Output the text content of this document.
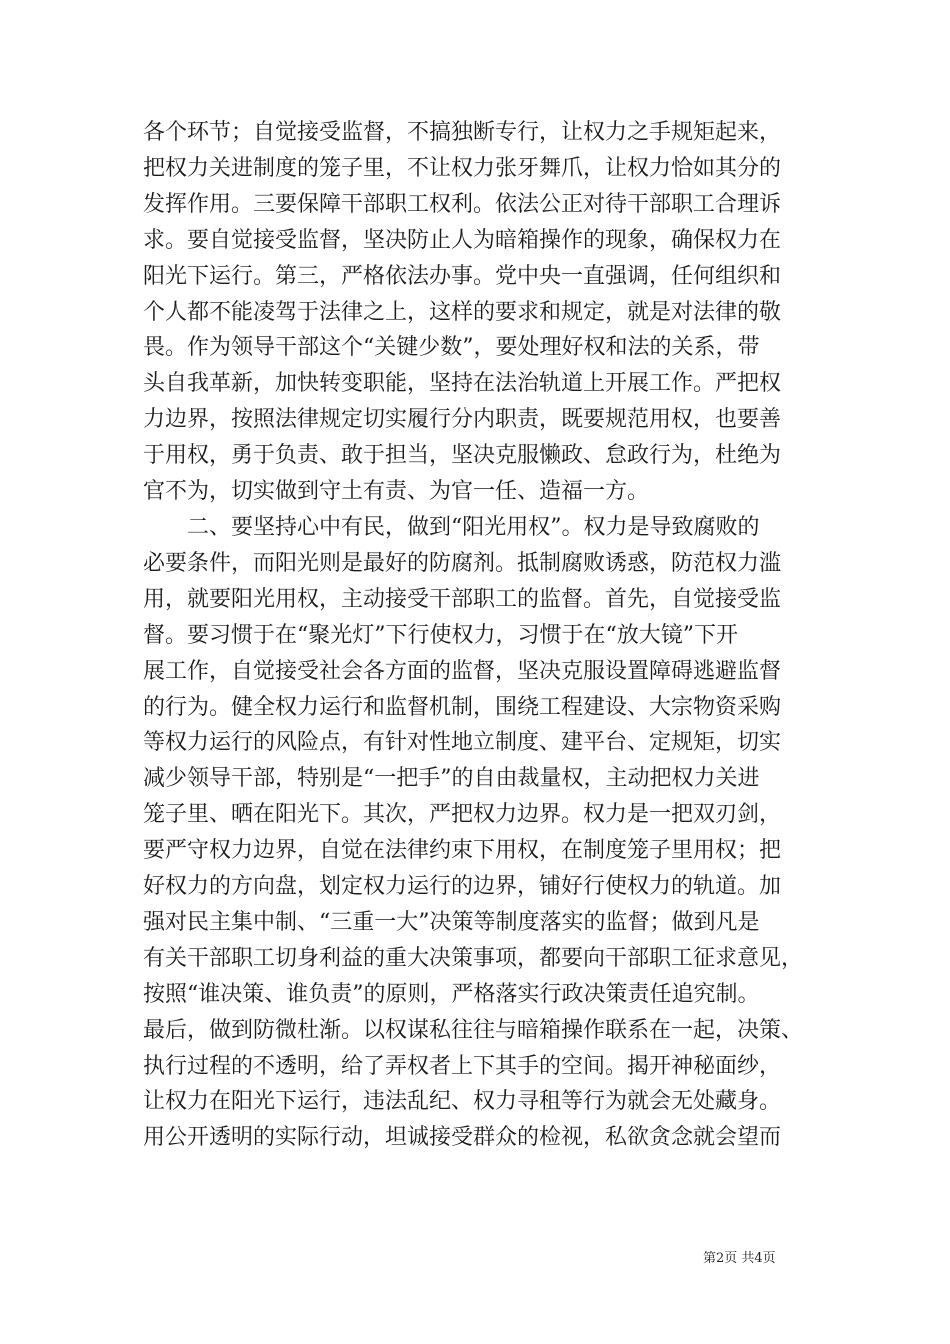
各个环节；自觉接受监督，不搞独断专行，让权力之手规矩起来，
把权力关进制度的笼子里，不让权力张牙舞爪，让权力恰如其分的
发挥作用。三要保障干部职工权利。依法公正对待干部职工合理诉
求。要自觉接受监督，坚决防止人为暗箱操作的现象，确保权力在
阳光下运行。第三，严格依法办事。党中央一直强调，任何组织和
个人都不能凌驾于法律之上，这样的要求和规定，就是对法律的敬
畏。作为领导干部这个“关键少数”，要处理好权和法的关系，带
头自我革新，加快转变职能，坚持在法治轨道上开展工作。严把权
力边界，按照法律规定切实履行分内职责，既要规范用权，也要善
于用权，勇于负责、敢于担当，坚决克服懒政、怠政行为，杜绝为
官不为，切实做到守土有责、为官一任、造福一方。
　　二、要坚持心中有民，做到“阳光用权”。权力是导致腐败的
必要条件，而阳光则是最好的防腐剂。抵制腐败诱惑，防范权力滥
用，就要阳光用权，主动接受干部职工的监督。首先，自觉接受监
督。要习惯于在“聚光灯”下行使权力，习惯于在“放大镜”下开
展工作，自觉接受社会各方面的监督，坚决克服设置障碍逃避监督
的行为。健全权力运行和监督机制，围绕工程建设、大宗物资采购
等权力运行的风险点，有针对性地立制度、建平台、定规矩，切实
减少领导干部，特别是“一把手”的自由裁量权，主动把权力关进
笼子里、晒在阳光下。其次，严把权力边界。权力是一把双刃剑，
要严守权力边界，自觉在法律约束下用权，在制度笼子里用权；把
好权力的方向盘，划定权力运行的边界，铺好行使权力的轨道。加
强对民主集中制、“三重一大”决策等制度落实的监督；做到凡是
有关干部职工切身利益的重大决策事项，都要向干部职工征求意见，
按照“谁决策、谁负责”的原则，严格落实行政决策责任追究制。
最后，做到防微杜渐。以权谋私往往与暗箱操作联系在一起，决策、
执行过程的不透明，给了弄权者上下其手的空间。揭开神秘面纱，
让权力在阳光下运行，违法乱纪、权力寻租等行为就会无处藏身。
用公开透明的实际行动，坦诚接受群众的检视，私欲贪念就会望而
第2页 共4页
